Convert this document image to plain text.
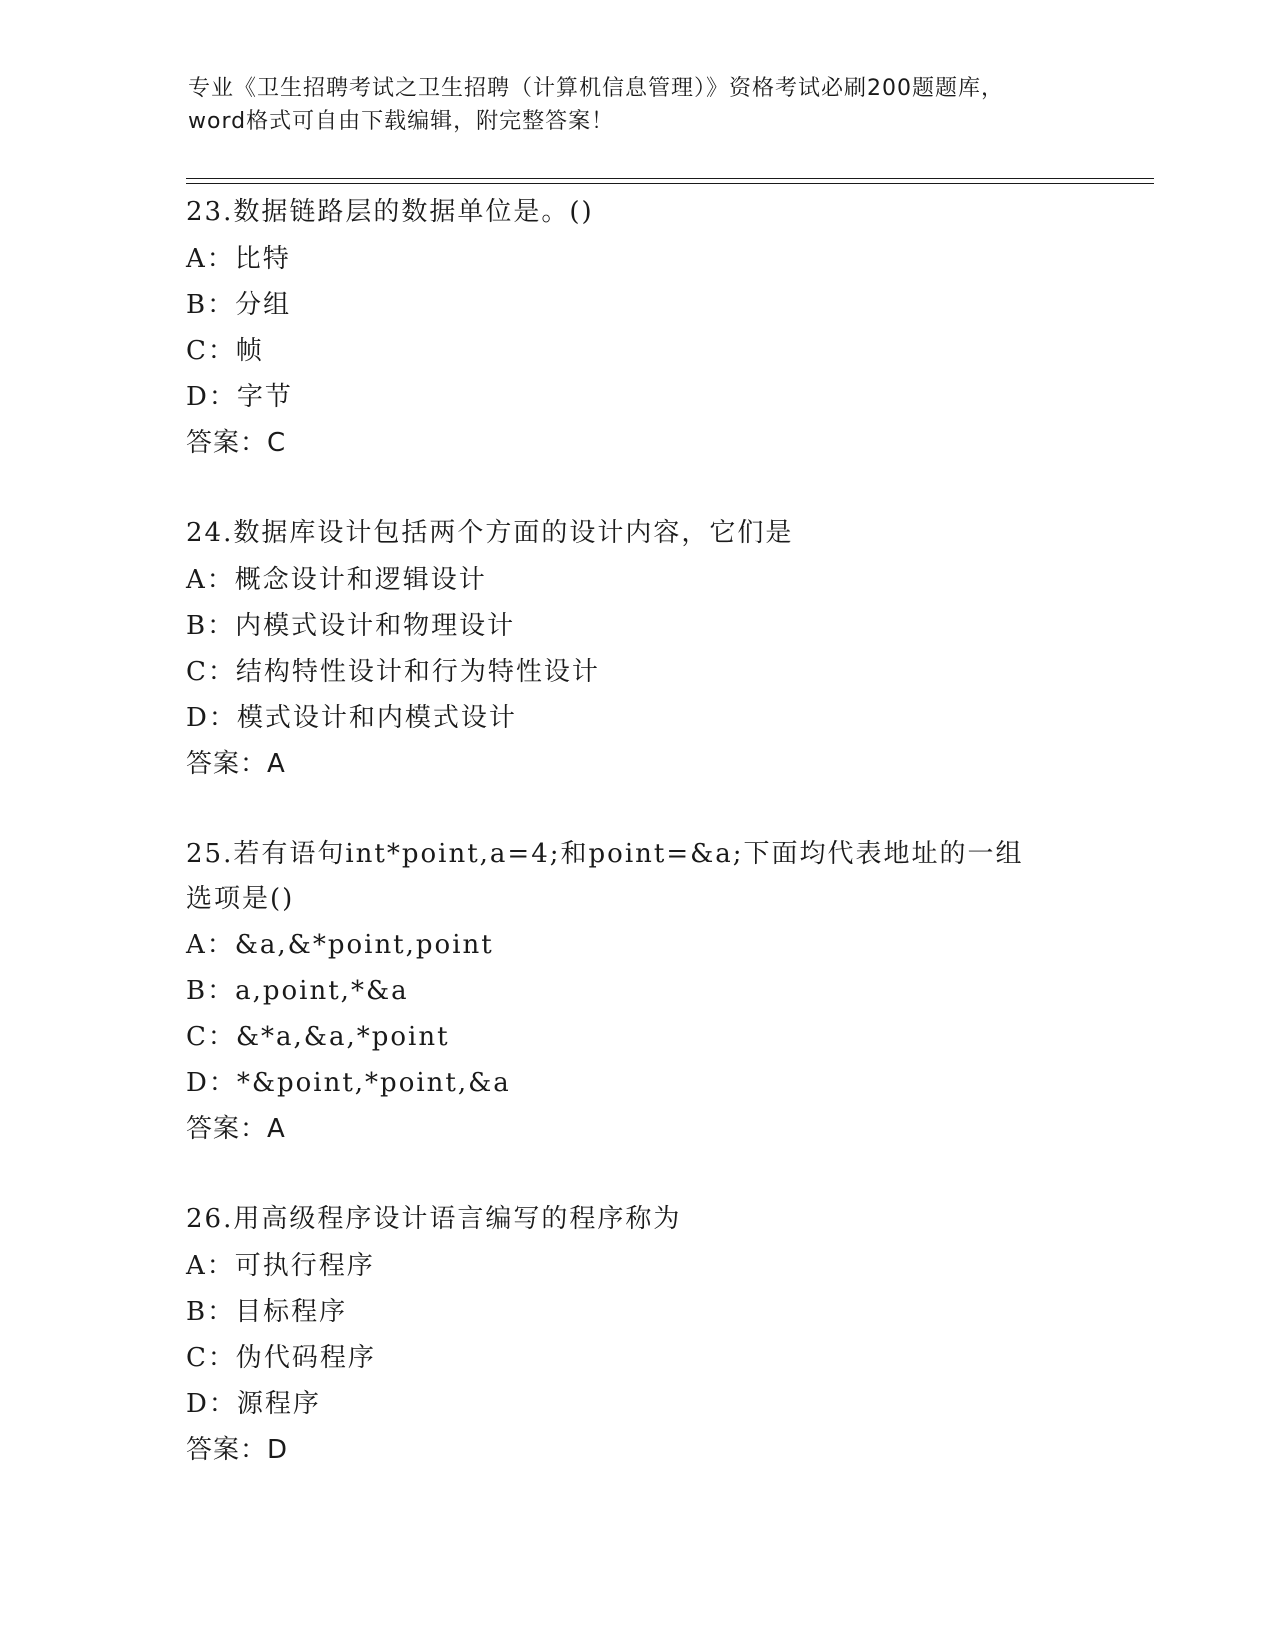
专业《卫生招聘考试之卫生招聘（计算机信息管理）》资格考试必刷200题题库，
word格式可自由下载编辑，附完整答案！
23.数据链路层的数据单位是。()
A：比特
B：分组
C：帧
D：字节
答案：C
24.数据库设计包括两个方面的设计内容，它们是
A：概念设计和逻辑设计
B：内模式设计和物理设计
C：结构特性设计和行为特性设计
D：模式设计和内模式设计
答案：A
25.若有语句int*point,a=4;和point=&a;下面均代表地址的一组选项是()
A：&a,&*point,point
B：a,point,*&a
C：&*a,&a,*point
D：*&point,*point,&a
答案：A
26.用高级程序设计语言编写的程序称为
A：可执行程序
B：目标程序
C：伪代码程序
D：源程序
答案：D
